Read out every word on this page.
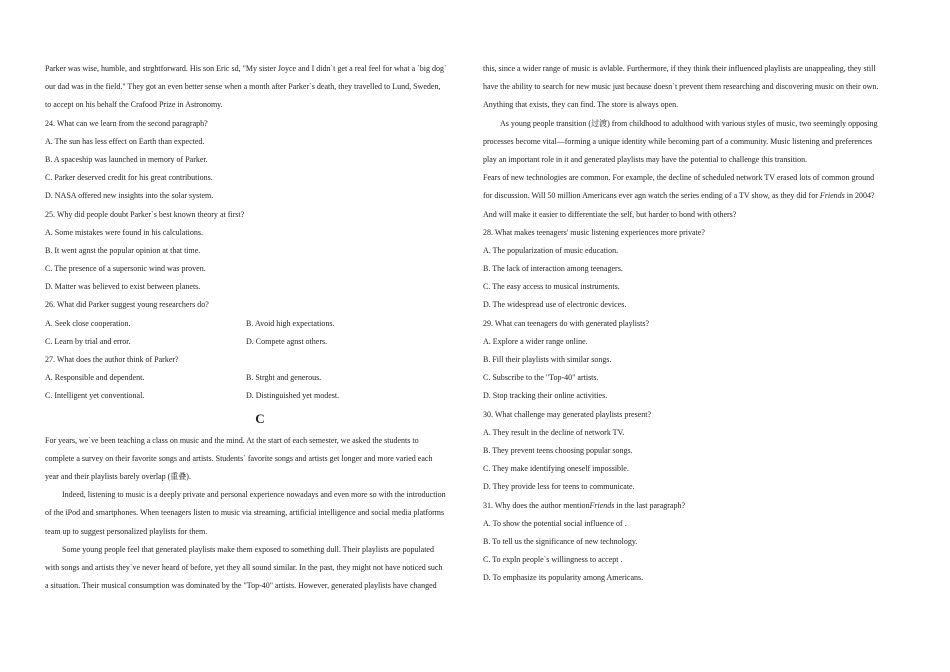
Parker was wise, humble, and strghtforward. His son Eric sd, "My sister Joyce and I didn`t get a real feel for what a `big dog`
our dad was in the field." They got an even better sense when a month after Parker`s death, they travelled to Lund, Sweden,
to accept on his behalf the Crafood Prize in Astronomy.
24. What can we learn from the second paragraph?
A. The sun has less effect on Earth than expected.
B. A spaceship was launched in memory of Parker.
C. Parker deserved credit for his great contributions.
D. NASA offered new insights into the solar system.
25. Why did people doubt Parker`s best known theory at first?
A. Some mistakes were found in his calculations.
B. It went agnst the popular opinion at that time.
C. The presence of a supersonic wind was proven.
D. Matter was believed to exist between planets.
26. What did Parker suggest young researchers do?
A. Seek close cooperation.	B. Avoid high expectations.
C. Learn by trial and error.	D. Compete agnst others.
27. What does the author think of Parker?
A. Responsible and dependent.	B. Strght and generous.
C. Intelligent yet conventional.	D. Distinguished yet modest.
C
For years, we`ve been teaching a class on music and the mind. At the start of each semester, we asked the students to
complete a survey on their favorite songs and artists. Students` favorite songs and artists get longer and more varied each
year and their playlists barely overlap (重叠).
Indeed, listening to music is a deeply private and personal experience nowadays and even more so with the introduction
of the iPod and smartphones. When teenagers listen to music via streaming, artificial intelligence and social media platforms
team up to suggest personalized playlists for them.
Some young people feel that generated playlists make them exposed to something dull. Their playlists are populated
with songs and artists they`ve never heard of before, yet they all sound similar. In the past, they might not have noticed such
a situation. Their musical consumption was dominated by the "Top-40" artists. However, generated playlists have changed
this, since a wider range of music is avlable. Furthermore, if they think their influenced playlists are unappealing, they still
have the ability to search for new music just because doesn`t prevent them researching and discovering music on their own.
Anything that exists, they can find. The store is always open.
As young people transition (过渡) from childhood to adulthood with various styles of music, two seemingly opposing
processes become vital—forming a unique identity while becoming part of a community. Music listening and preferences
play an important role in it and generated playlists may have the potential to challenge this transition.
Fears of new technologies are common. For example, the decline of scheduled network TV erased lots of common ground
for discussion. Will 50 million Americans ever agn watch the series ending of a TV show, as they did for Friends in 2004?
And will make it easier to differentiate the self, but harder to bond with others?
28. What makes teenagers' music listening experiences more private?
A. The popularization of music education.
B. The lack of interaction among teenagers.
C. The easy access to musical instruments.
D. The widespread use of electronic devices.
29. What can teenagers do with generated playlists?
A. Explore a wider range online.
B. Fill their playlists with similar songs.
C. Subscribe to the "Top-40" artists.
D. Stop tracking their online activities.
30. What challenge may generated playlists present?
A. They result in the decline of network TV.
B. They prevent teens choosing popular songs.
C. They make identifying oneself impossible.
D. They provide less for teens to communicate.
31. Why does the author mentionFriends in the last paragraph?
A. To show the potential social influence of .
B. To tell us the significance of new technology.
C. To expln people`s willingness to accept .
D. To emphasize its popularity among Americans.
